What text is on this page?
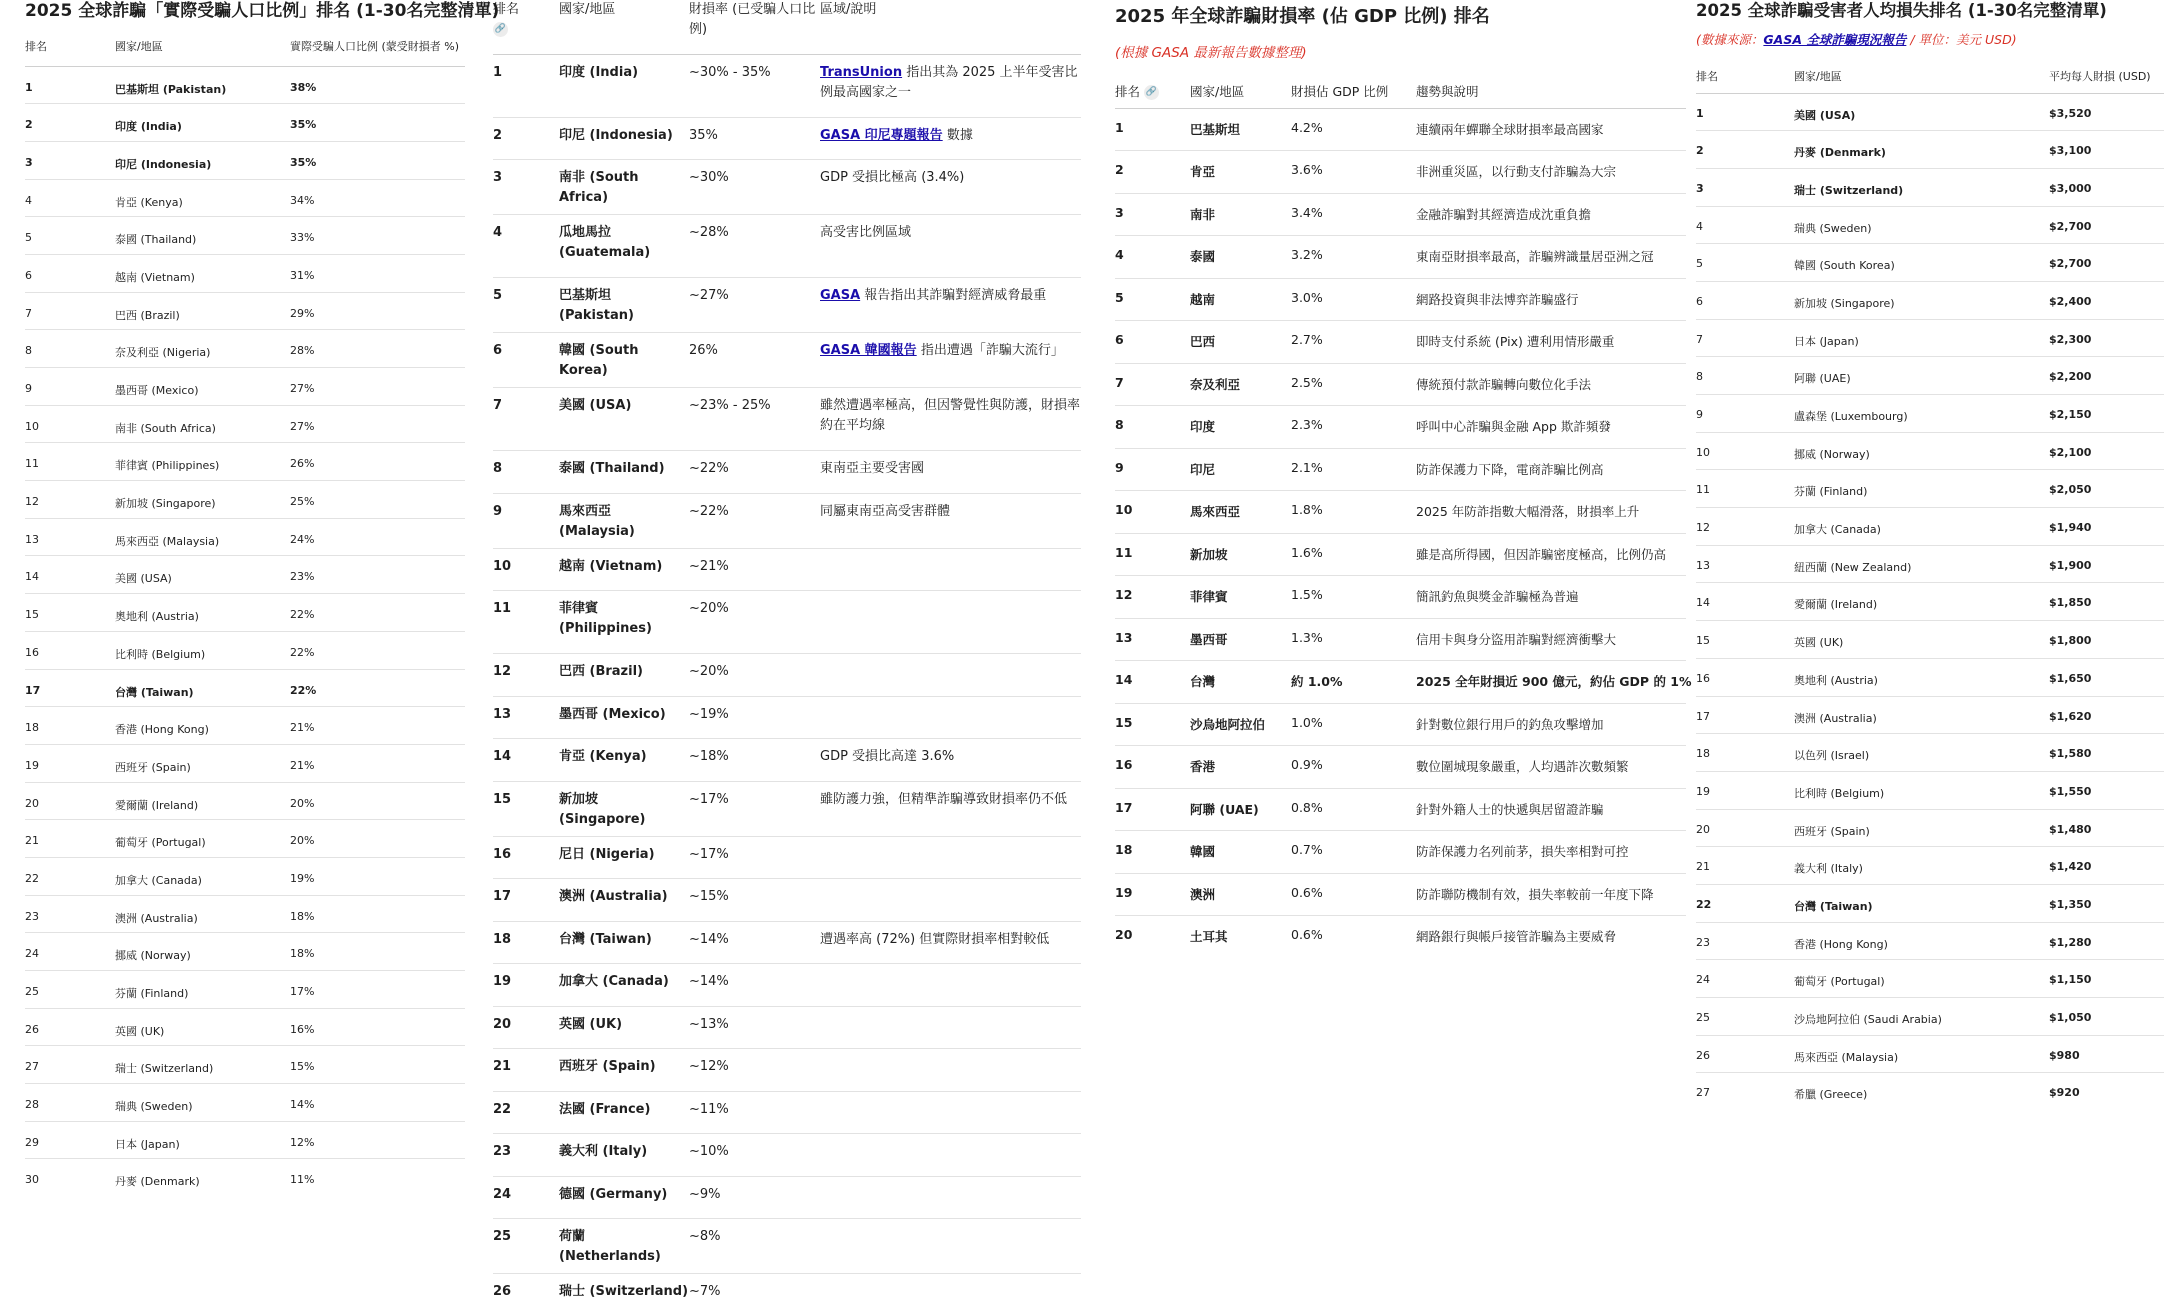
2025 全球詐騙「實際受騙人口比例」排名 (1-30名完整清單)
排名	國家/地區	實際受騙人口比例 (蒙受財損者 %)
1	巴基斯坦 (Pakistan)	38%
2	印度 (India)	35%
3	印尼 (Indonesia)	35%
4	肯亞 (Kenya)	34%
5	泰國 (Thailand)	33%
6	越南 (Vietnam)	31%
7	巴西 (Brazil)	29%
8	奈及利亞 (Nigeria)	28%
9	墨西哥 (Mexico)	27%
10	南非 (South Africa)	27%
11	菲律賓 (Philippines)	26%
12	新加坡 (Singapore)	25%
13	馬來西亞 (Malaysia)	24%
14	美國 (USA)	23%
15	奧地利 (Austria)	22%
16	比利時 (Belgium)	22%
17	台灣 (Taiwan)	22%
18	香港 (Hong Kong)	21%
19	西班牙 (Spain)	21%
20	愛爾蘭 (Ireland)	20%
21	葡萄牙 (Portugal)	20%
22	加拿大 (Canada)	19%
23	澳洲 (Australia)	18%
24	挪威 (Norway)	18%
25	芬蘭 (Finland)	17%
26	英國 (UK)	16%
27	瑞士 (Switzerland)	15%
28	瑞典 (Sweden)	14%
29	日本 (Japan)	12%
30	丹麥 (Denmark)	11%
排名
🔗	國家/地區	財損率 (已受騙人口比例)	區域/說明
1	印度 (India)	~30% - 35%	TransUnion 指出其為 2025 上半年受害比例最高國家之一
2	印尼 (Indonesia)	35%	GASA 印尼專題報告 數據
3	南非 (South Africa)	~30%	GDP 受損比極高 (3.4%)
4	瓜地馬拉 (Guatemala)	~28%	高受害比例區域
5	巴基斯坦 (Pakistan)	~27%	GASA 報告指出其詐騙對經濟威脅最重
6	韓國 (South Korea)	26%	GASA 韓國報告 指出遭遇「詐騙大流行」
7	美國 (USA)	~23% - 25%	雖然遭遇率極高，但因警覺性與防護，財損率約在平均線
8	泰國 (Thailand)	~22%	東南亞主要受害國
9	馬來西亞 (Malaysia)	~22%	同屬東南亞高受害群體
10	越南 (Vietnam)	~21%	
11	菲律賓 (Philippines)	~20%	
12	巴西 (Brazil)	~20%	
13	墨西哥 (Mexico)	~19%	
14	肯亞 (Kenya)	~18%	GDP 受損比高達 3.6%
15	新加坡 (Singapore)	~17%	雖防護力強，但精準詐騙導致財損率仍不低
16	尼日 (Nigeria)	~17%	
17	澳洲 (Australia)	~15%	
18	台灣 (Taiwan)	~14%	遭遇率高 (72%) 但實際財損率相對較低
19	加拿大 (Canada)	~14%	
20	英國 (UK)	~13%	
21	西班牙 (Spain)	~12%	
22	法國 (France)	~11%	
23	義大利 (Italy)	~10%	
24	德國 (Germany)	~9%	
25	荷蘭 (Netherlands)	~8%	
26	瑞士 (Switzerland)	~7%	
2025 年全球詐騙財損率 (佔 GDP 比例) 排名
(根據 GASA 最新報告數據整理)
排名 🔗	國家/地區	財損佔 GDP 比例	趨勢與說明
1	巴基斯坦	4.2%	連續兩年蟬聯全球財損率最高國家
2	肯亞	3.6%	非洲重災區，以行動支付詐騙為大宗
3	南非	3.4%	金融詐騙對其經濟造成沈重負擔
4	泰國	3.2%	東南亞財損率最高，詐騙辨識量居亞洲之冠
5	越南	3.0%	網路投資與非法博弈詐騙盛行
6	巴西	2.7%	即時支付系統 (Pix) 遭利用情形嚴重
7	奈及利亞	2.5%	傳統預付款詐騙轉向數位化手法
8	印度	2.3%	呼叫中心詐騙與金融 App 欺詐頻發
9	印尼	2.1%	防詐保護力下降，電商詐騙比例高
10	馬來西亞	1.8%	2025 年防詐指數大幅滑落，財損率上升
11	新加坡	1.6%	雖是高所得國，但因詐騙密度極高，比例仍高
12	菲律賓	1.5%	簡訊釣魚與獎金詐騙極為普遍
13	墨西哥	1.3%	信用卡與身分盜用詐騙對經濟衝擊大
14	台灣	約 1.0%	2025 全年財損近 900 億元，約佔 GDP 的 1%
15	沙烏地阿拉伯	1.0%	針對數位銀行用戶的釣魚攻擊增加
16	香港	0.9%	數位圍城現象嚴重，人均遇詐次數頻繁
17	阿聯 (UAE)	0.8%	針對外籍人士的快遞與居留證詐騙
18	韓國	0.7%	防詐保護力名列前茅，損失率相對可控
19	澳洲	0.6%	防詐聯防機制有效，損失率較前一年度下降
20	土耳其	0.6%	網路銀行與帳戶接管詐騙為主要威脅
2025 全球詐騙受害者人均損失排名 (1-30名完整清單)
(數據來源：GASA 全球詐騙現況報告 / 單位：美元 USD)
排名	國家/地區	平均每人財損 (USD)
1	美國 (USA)	$3,520
2	丹麥 (Denmark)	$3,100
3	瑞士 (Switzerland)	$3,000
4	瑞典 (Sweden)	$2,700
5	韓國 (South Korea)	$2,700
6	新加坡 (Singapore)	$2,400
7	日本 (Japan)	$2,300
8	阿聯 (UAE)	$2,200
9	盧森堡 (Luxembourg)	$2,150
10	挪威 (Norway)	$2,100
11	芬蘭 (Finland)	$2,050
12	加拿大 (Canada)	$1,940
13	紐西蘭 (New Zealand)	$1,900
14	愛爾蘭 (Ireland)	$1,850
15	英國 (UK)	$1,800
16	奧地利 (Austria)	$1,650
17	澳洲 (Australia)	$1,620
18	以色列 (Israel)	$1,580
19	比利時 (Belgium)	$1,550
20	西班牙 (Spain)	$1,480
21	義大利 (Italy)	$1,420
22	台灣 (Taiwan)	$1,350
23	香港 (Hong Kong)	$1,280
24	葡萄牙 (Portugal)	$1,150
25	沙烏地阿拉伯 (Saudi Arabia)	$1,050
26	馬來西亞 (Malaysia)	$980
27	希臘 (Greece)	$920
